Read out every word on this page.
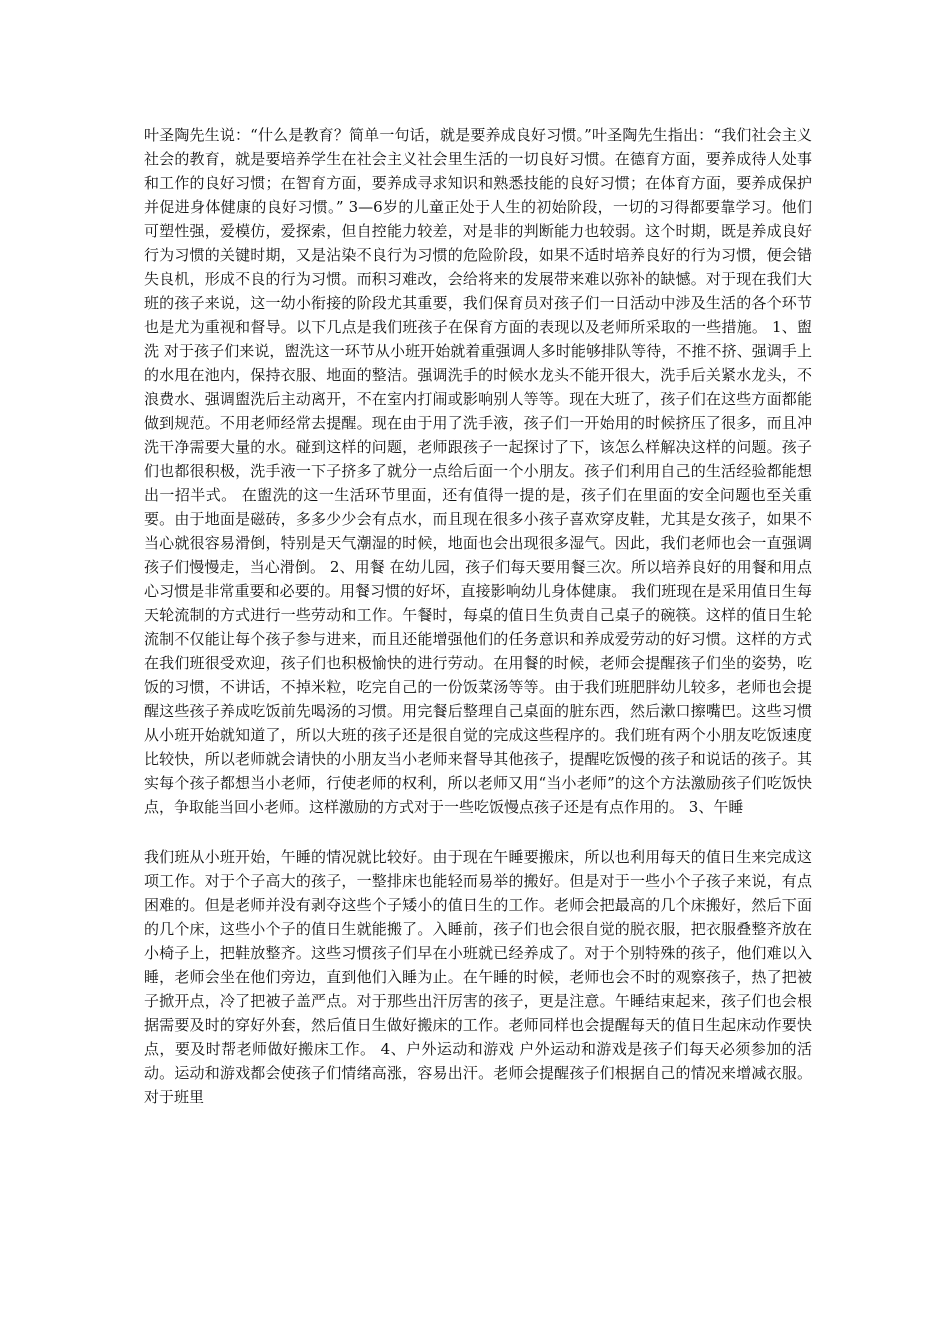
叶圣陶先生说：“什么是教育？简单一句话，就是要养成良好习惯。”叶圣陶先生指出：“我们社会主义社会的教育，就是要培养学生在社会主义社会里生活的一切良好习惯。在德育方面，要养成待人处事和工作的良好习惯；在智育方面，要养成寻求知识和熟悉技能的良好习惯；在体育方面，要养成保护并促进身体健康的良好习惯。” 3—6岁的儿童正处于人生的初始阶段，一切的习得都要靠学习。他们可塑性强，爱模仿，爱探索，但自控能力较差，对是非的判断能力也较弱。这个时期，既是养成良好行为习惯的关键时期，又是沾染不良行为习惯的危险阶段，如果不适时培养良好的行为习惯，便会错失良机，形成不良的行为习惯。而积习难改，会给将来的发展带来难以弥补的缺憾。对于现在我们大班的孩子来说，这一幼小衔接的阶段尤其重要，我们保育员对孩子们一日活动中涉及生活的各个环节也是尤为重视和督导。以下几点是我们班孩子在保育方面的表现以及老师所采取的一些措施。 1、盥洗 对于孩子们来说，盥洗这一环节从小班开始就着重强调人多时能够排队等待，不推不挤、强调手上的水甩在池内，保持衣服、地面的整洁。强调洗手的时候水龙头不能开很大，洗手后关紧水龙头，不浪费水、强调盥洗后主动离开，不在室内打闹或影响别人等等。现在大班了，孩子们在这些方面都能做到规范。不用老师经常去提醒。现在由于用了洗手液，孩子们一开始用的时候挤压了很多，而且冲洗干净需要大量的水。碰到这样的问题，老师跟孩子一起探讨了下，该怎么样解决这样的问题。孩子们也都很积极，洗手液一下子挤多了就分一点给后面一个小朋友。孩子们利用自己的生活经验都能想出一招半式。 在盥洗的这一生活环节里面，还有值得一提的是，孩子们在里面的安全问题也至关重要。由于地面是磁砖，多多少少会有点水，而且现在很多小孩子喜欢穿皮鞋，尤其是女孩子，如果不当心就很容易滑倒，特别是天气潮湿的时候，地面也会出现很多湿气。因此，我们老师也会一直强调孩子们慢慢走，当心滑倒。 2、用餐 在幼儿园，孩子们每天要用餐三次。所以培养良好的用餐和用点心习惯是非常重要和必要的。用餐习惯的好坏，直接影响幼儿身体健康。 我们班现在是采用值日生每天轮流制的方式进行一些劳动和工作。午餐时，每桌的值日生负责自己桌子的碗筷。这样的值日生轮流制不仅能让每个孩子参与进来，而且还能增强他们的任务意识和养成爱劳动的好习惯。这样的方式在我们班很受欢迎，孩子们也积极愉快的进行劳动。在用餐的时候，老师会提醒孩子们坐的姿势，吃饭的习惯，不讲话，不掉米粒，吃完自己的一份饭菜汤等等。由于我们班肥胖幼儿较多，老师也会提醒这些孩子养成吃饭前先喝汤的习惯。用完餐后整理自己桌面的脏东西，然后漱口擦嘴巴。这些习惯从小班开始就知道了，所以大班的孩子还是很自觉的完成这些程序的。我们班有两个小朋友吃饭速度比较快，所以老师就会请快的小朋友当小老师来督导其他孩子，提醒吃饭慢的孩子和说话的孩子。其实每个孩子都想当小老师，行使老师的权利，所以老师又用“当小老师”的这个方法激励孩子们吃饭快点，争取能当回小老师。这样激励的方式对于一些吃饭慢点孩子还是有点作用的。 3、午睡

我们班从小班开始，午睡的情况就比较好。由于现在午睡要搬床，所以也利用每天的值日生来完成这项工作。对于个子高大的孩子，一整排床也能轻而易举的搬好。但是对于一些小个子孩子来说，有点困难的。但是老师并没有剥夺这些个子矮小的值日生的工作。老师会把最高的几个床搬好，然后下面的几个床，这些小个子的值日生就能搬了。入睡前，孩子们也会很自觉的脱衣服，把衣服叠整齐放在小椅子上，把鞋放整齐。这些习惯孩子们早在小班就已经养成了。对于个别特殊的孩子，他们难以入睡，老师会坐在他们旁边，直到他们入睡为止。在午睡的时候，老师也会不时的观察孩子，热了把被子掀开点，冷了把被子盖严点。对于那些出汗厉害的孩子，更是注意。午睡结束起来，孩子们也会根据需要及时的穿好外套，然后值日生做好搬床的工作。老师同样也会提醒每天的值日生起床动作要快点，要及时帮老师做好搬床工作。 4、户外运动和游戏 户外运动和游戏是孩子们每天必须参加的活动。运动和游戏都会使孩子们情绪高涨，容易出汗。老师会提醒孩子们根据自己的情况来增减衣服。对于班里
